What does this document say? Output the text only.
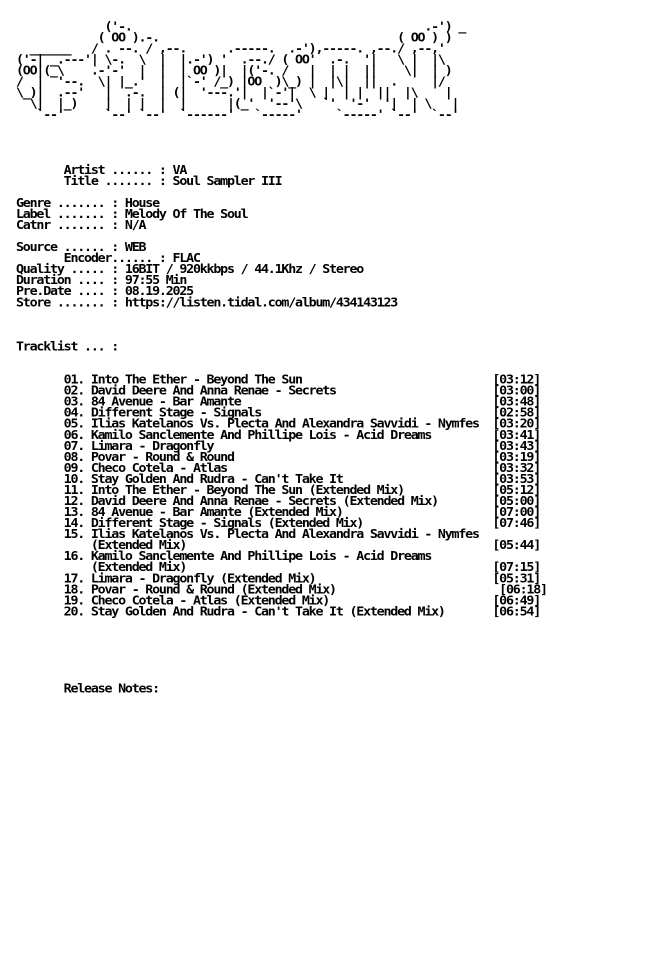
('-.                                           .-') _
( OO ).-.                                   ( OO ) )
______   / . --. / ,--.      .-----.  .-'),-----. ,--./ ,--,'
('-| _.---'| \-.  \  |  |.-') '  .--./ ( OO'  .-.  '|   \ |  |\
(OO|(_\    .-'-'  |  |  | OO )|  |('-. /   |  | |  ||    \|  | )
/  |  '--.  \| |_.'  |  |`-' /_) |OO  )\_) |  |\|  ||  .     |/
\_)|  .--'   |  .-.  | (|  '---.'|  |`-'|  \ |  | |  ||  |\    |
\|  |_)    |  | |  |  |      |(_'  '--'\   `'  '-'  '|  | \   |
`--'      `--' `--'  `------'   `-----'     `-----' `--'  `--'
Artist ...... : VA
Title ....... : Soul Sampler III
Genre ....... : House
Label ....... : Melody Of The Soul
Catnr ....... : N/A
Source ...... : WEB
Encoder...... : FLAC
Quality ..... : 16BIT / 920kkbps / 44.1Khz / Stereo
Duration .... : 97:55 Min
Pre.Date .... : 08.19.2025
Store ....... : https://listen.tidal.com/album/434143123
Tracklist ... :
01. Into The Ether - Beyond The Sun                            [03:12]
02. David Deere And Anna Renae - Secrets                       [03:00]
03. 84 Avenue - Bar Amante                                     [03:48]
04. Different Stage - Signals                                  [02:58]
05. Ilias Katelanos Vs. Plecta And Alexandra Savvidi - Nymfes  [03:20]
06. Kamilo Sanclemente And Phillipe Lois - Acid Dreams         [03:41]
07. Limara - Dragonfly                                         [03:43]
08. Povar - Round & Round                                      [03:19]
09. Checo Cotela - Atlas                                       [03:32]
10. Stay Golden And Rudra - Can't Take It                      [03:53]
11. Into The Ether - Beyond The Sun (Extended Mix)             [05:12]
12. David Deere And Anna Renae - Secrets (Extended Mix)        [05:00]
13. 84 Avenue - Bar Amante (Extended Mix)                      [07:00]
14. Different Stage - Signals (Extended Mix)                   [07:46]
15. Ilias Katelanos Vs. Plecta And Alexandra Savvidi - Nymfes
(Extended Mix)                                             [05:44]
16. Kamilo Sanclemente And Phillipe Lois - Acid Dreams
(Extended Mix)                                             [07:15]
17. Limara - Dragonfly (Extended Mix)                          [05:31]
18. Povar - Round & Round (Extended Mix)                        [06:18]
19. Checo Cotela - Atlas (Extended Mix)                        [06:49]
20. Stay Golden And Rudra - Can't Take It (Extended Mix)       [06:54]
Release Notes:
